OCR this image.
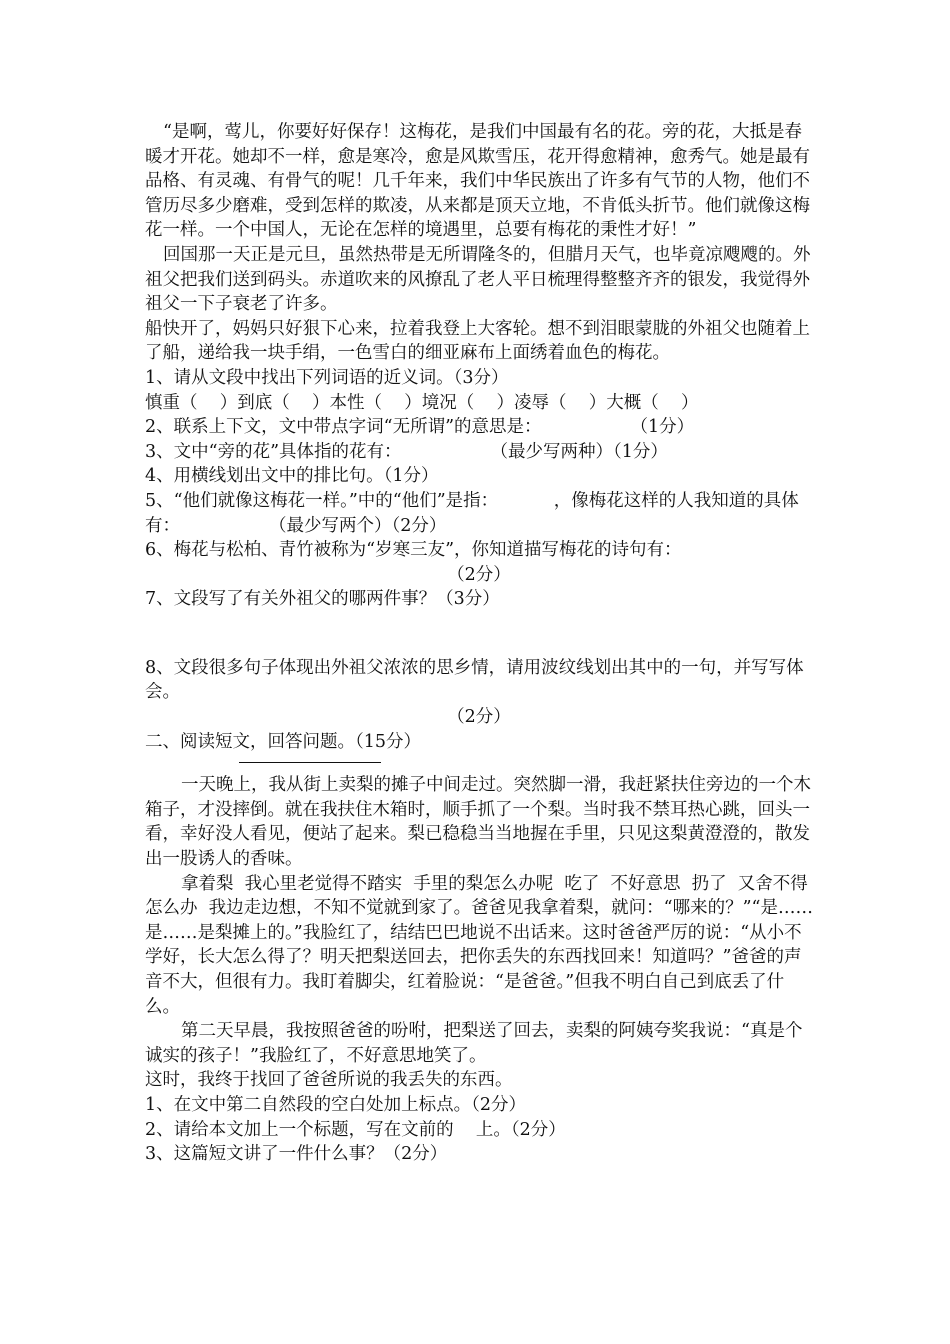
“是啊，莺儿，你要好好保存！这梅花，是我们中国最有名的花。旁的花，大抵是春暖才开花。她却不一样，愈是寒冷，愈是风欺雪压，花开得愈精神，愈秀气。她是最有品格、有灵魂、有骨气的呢！几千年来，我们中华民族出了许多有气节的人物，他们不管历尽多少磨难，受到怎样的欺凌，从来都是顶天立地，不肯低头折节。他们就像这梅花一样。一个中国人，无论在怎样的境遇里，总要有梅花的秉性才好！”

回国那一天正是元旦，虽然热带是无所谓隆冬的，但腊月天气，也毕竟凉飕飕的。外祖父把我们送到码头。赤道吹来的风撩乱了老人平日梳理得整整齐齐的银发，我觉得外祖父一下子衰老了许多。

船快开了，妈妈只好狠下心来，拉着我登上大客轮。想不到泪眼蒙胧的外祖父也随着上了船，递给我一块手绢，一色雪白的细亚麻布上面绣着血色的梅花。

1、请从文段中找出下列词语的近义词。（3分）

慎重（    ）到底（    ）本性（    ）境况（    ）凌辱（    ）大概（    ）

2、联系上下文，文中带点字词“无所谓”的意思是：                （1分）

3、文中“旁的花”具体指的花有：                （最少写两种）（1分）

4、用横线划出文中的排比句。（1分）

5、“他们就像这梅花一样。”中的“他们”是指：          ，像梅花这样的人我知道的具体有：                （最少写两个）（2分）

6、梅花与松柏、青竹被称为“岁寒三友”，你知道描写梅花的诗句有：

（2分）

7、文段写了有关外祖父的哪两件事？（3分）

8、文段很多句子体现出外祖父浓浓的思乡情，请用波纹线划出其中的一句，并写写体会。

（2分）

二、阅读短文，回答问题。（15分）

一天晚上，我从街上卖梨的摊子中间走过。突然脚一滑，我赶紧扶住旁边的一个木箱子，才没摔倒。就在我扶住木箱时，顺手抓了一个梨。当时我不禁耳热心跳，回头一看，幸好没人看见，便站了起来。梨已稳稳当当地握在手里，只见这梨黄澄澄的，散发出一股诱人的香味。

拿着梨  我心里老觉得不踏实  手里的梨怎么办呢  吃了  不好意思  扔了  又舍不得  怎么办  我边走边想，不知不觉就到家了。爸爸见我拿着梨，就问：“哪来的？”“是……是……是梨摊上的。”我脸红了，结结巴巴地说不出话来。这时爸爸严厉的说：“从小不学好，长大怎么得了？明天把梨送回去，把你丢失的东西找回来！知道吗？”爸爸的声音不大，但很有力。我盯着脚尖，红着脸说：“是爸爸。”但我不明白自己到底丢了什么。

第二天早晨，我按照爸爸的吩咐，把梨送了回去，卖梨的阿姨夸奖我说：“真是个诚实的孩子！”我脸红了，不好意思地笑了。

这时，我终于找回了爸爸所说的我丢失的东西。

1、在文中第二自然段的空白处加上标点。（2分）

2、请给本文加上一个标题，写在文前的    上。（2分）

3、这篇短文讲了一件什么事？（2分）
